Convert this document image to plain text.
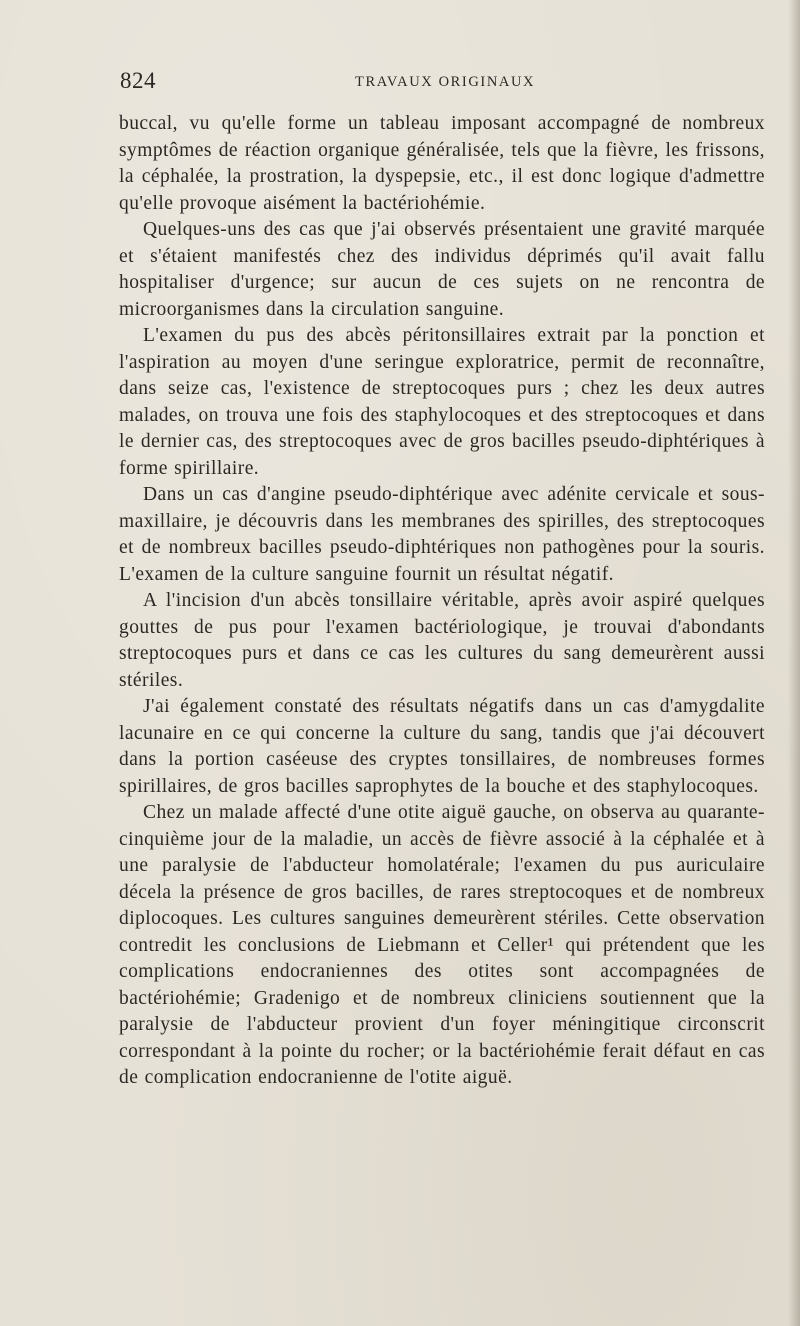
824	TRAVAUX ORIGINAUX

buccal, vu qu'elle forme un tableau imposant accompagné de nombreux symptômes de réaction organique généralisée, tels que la fièvre, les frissons, la céphalée, la prostration, la dyspepsie, etc., il est donc logique d'admettre qu'elle provoque aisément la bactériohémie.

Quelques-uns des cas que j'ai observés présentaient une gravité marquée et s'étaient manifestés chez des individus déprimés qu'il avait fallu hospitaliser d'urgence; sur aucun de ces sujets on ne rencontra de microorganismes dans la circulation sanguine.

L'examen du pus des abcès péritonsillaires extrait par la ponction et l'aspiration au moyen d'une seringue exploratrice, permit de reconnaître, dans seize cas, l'existence de streptocoques purs ; chez les deux autres malades, on trouva une fois des staphylocoques et des streptocoques et dans le dernier cas, des streptocoques avec de gros bacilles pseudo-diphtériques à forme spirillaire.

Dans un cas d'angine pseudo-diphtérique avec adénite cervicale et sous-maxillaire, je découvris dans les membranes des spirilles, des streptocoques et de nombreux bacilles pseudo-diphtériques non pathogènes pour la souris. L'examen de la culture sanguine fournit un résultat négatif.

A l'incision d'un abcès tonsillaire véritable, après avoir aspiré quelques gouttes de pus pour l'examen bactériologique, je trouvai d'abondants streptocoques purs et dans ce cas les cultures du sang demeurèrent aussi stériles.

J'ai également constaté des résultats négatifs dans un cas d'amygdalite lacunaire en ce qui concerne la culture du sang, tandis que j'ai découvert dans la portion caséeuse des cryptes tonsillaires, de nombreuses formes spirillaires, de gros bacilles saprophytes de la bouche et des staphylocoques.

Chez un malade affecté d'une otite aiguë gauche, on observa au quarante-cinquième jour de la maladie, un accès de fièvre associé à la céphalée et à une paralysie de l'abducteur homolatérale; l'examen du pus auriculaire décela la présence de gros bacilles, de rares streptocoques et de nombreux diplocoques. Les cultures sanguines demeurèrent stériles. Cette observation contredit les conclusions de Liebmann et Celler¹ qui prétendent que les complications endocraniennes des otites sont accompagnées de bactériohémie; Gradenigo et de nombreux cliniciens soutiennent que la paralysie de l'abducteur provient d'un foyer méningitique circonscrit correspondant à la pointe du rocher; or la bactériohémie ferait défaut en cas de complication endocranienne de l'otite aiguë.
